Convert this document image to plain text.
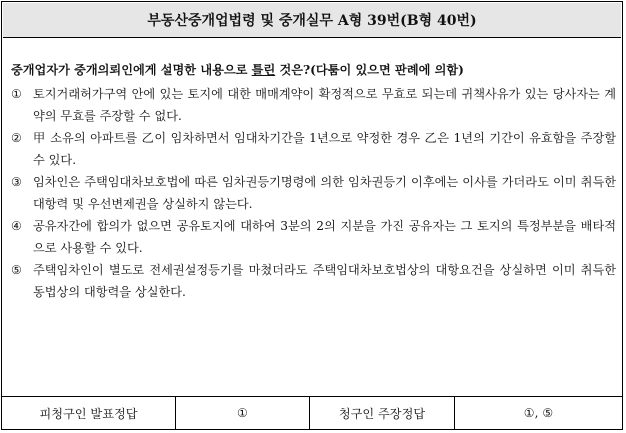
부동산중개업법령 및 중개실무 A형 39번(B형 40번)
중개업자가 중개의뢰인에게 설명한 내용으로 틀린 것은?(다툼이 있으면 판례에 의함)
① 토지거래허가구역 안에 있는 토지에 대한 매매계약이 확정적으로 무효로 되는데 귀책사유가 있는 당사자는 계약의 무효를 주장할 수 없다.
② 甲 소유의 아파트를 乙이 임차하면서 임대차기간을 1년으로 약정한 경우 乙은 1년의 기간이 유효함을 주장할 수 있다.
③ 임차인은 주택임대차보호법에 따른 임차권등기명령에 의한 임차권등기 이후에는 이사를 가더라도 이미 취득한 대항력 및 우선변제권을 상실하지 않는다.
④ 공유자간에 합의가 없으면 공유토지에 대하여 3분의 2의 지분을 가진 공유자는 그 토지의 특정부분을 배타적으로 사용할 수 있다.
⑤ 주택임차인이 별도로 전세권설정등기를 마쳤더라도 주택임대차보호법상의 대항요건을 상실하면 이미 취득한 동법상의 대항력을 상실한다.
피청구인 발표정답	①	청구인 주장정답	①, ⑤
